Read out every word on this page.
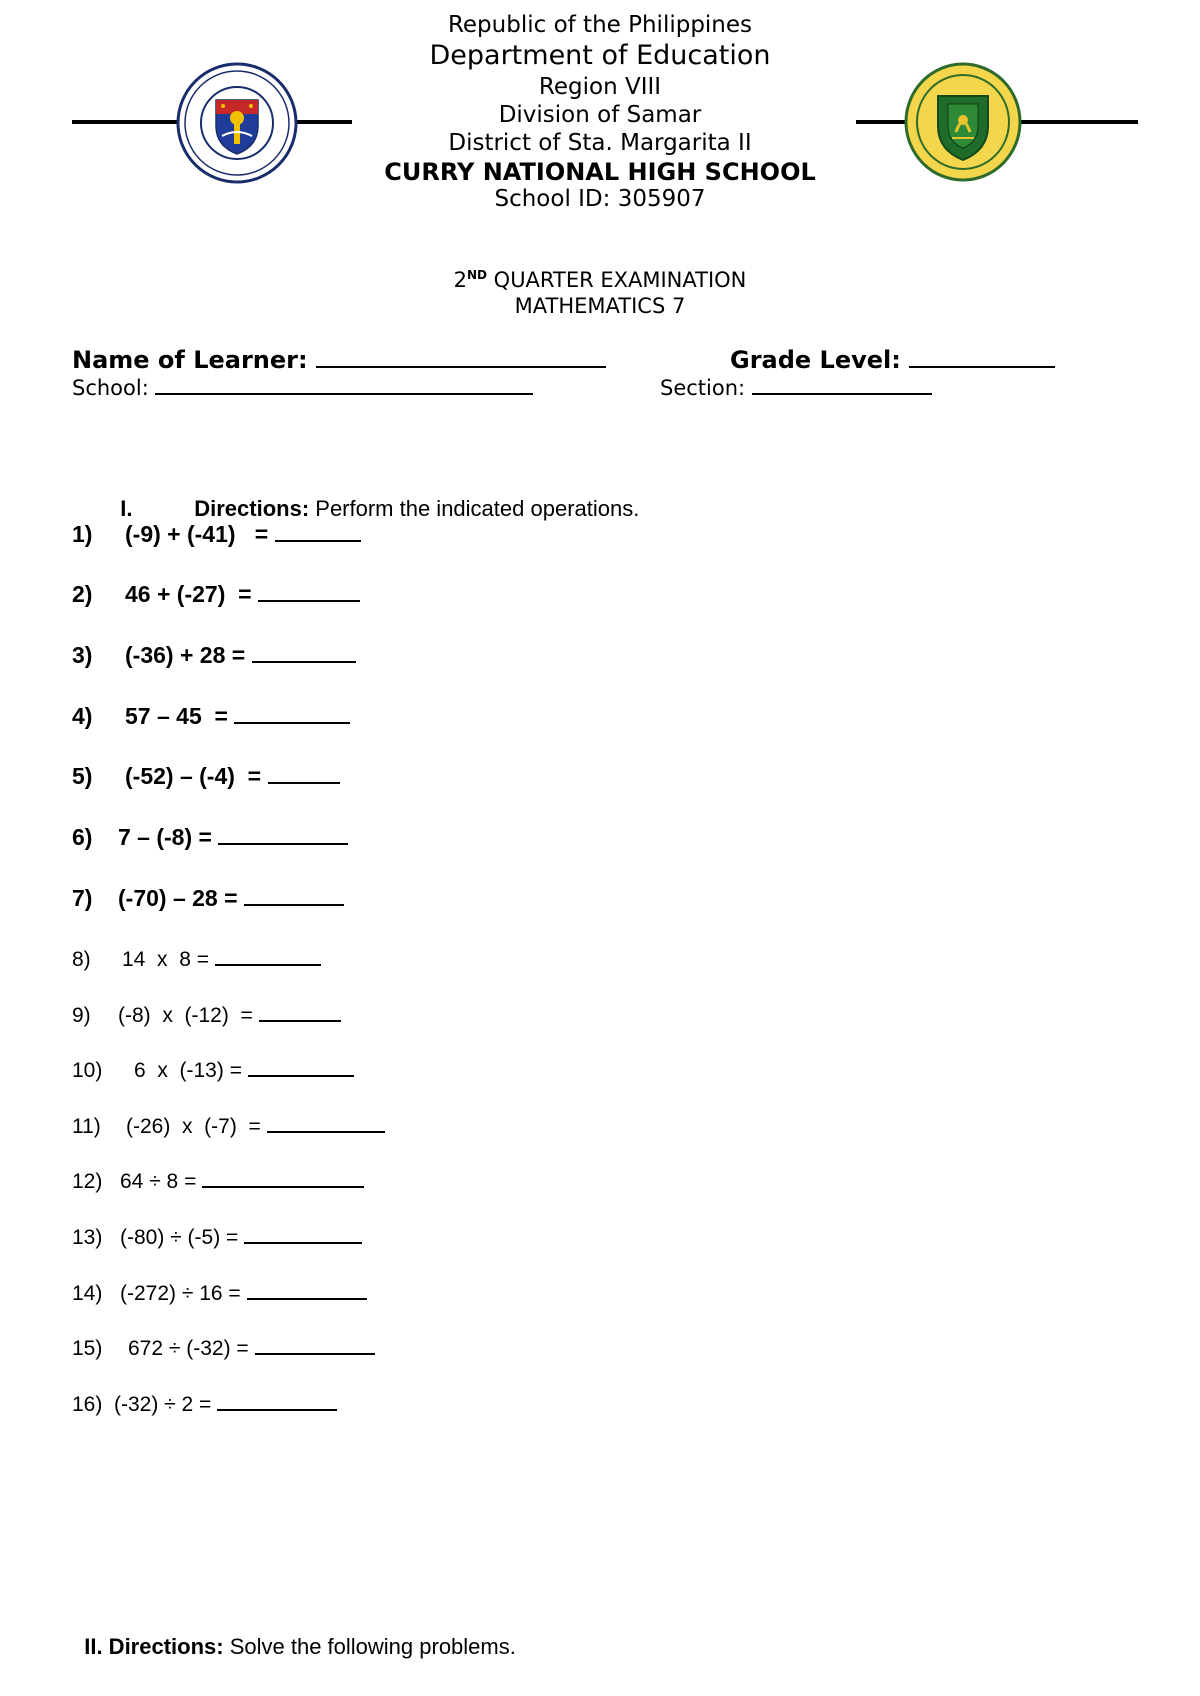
Republic of the Philippines
Department of Education
Region VIII
Division of Samar
District of Sta. Margarita II
CURRY NATIONAL HIGH SCHOOL
School ID: 305907
2ND QUARTER EXAMINATION
MATHEMATICS 7
Name of Learner:	Grade Level:
School:	Section:

I.	Directions: Perform the indicated operations.

1) (-9) + (-41)   =
2) 46 + (-27)  =
3) (-36) + 28 =
4) 57 – 45  =
5) (-52) – (-4)  =
6) 7 – (-8) =
7) (-70) – 28 =
8) 14  x  8 =
9) (-8)  x  (-12)  =
10) 6  x  (-13) =
11) (-26)  x  (-7)  =
12) 64 ÷ 8 =
13) (-80) ÷ (-5) =
14) (-272) ÷ 16 =
15) 672 ÷ (-32) =
16) (-32) ÷ 2 =

II. Directions: Solve the following problems.
